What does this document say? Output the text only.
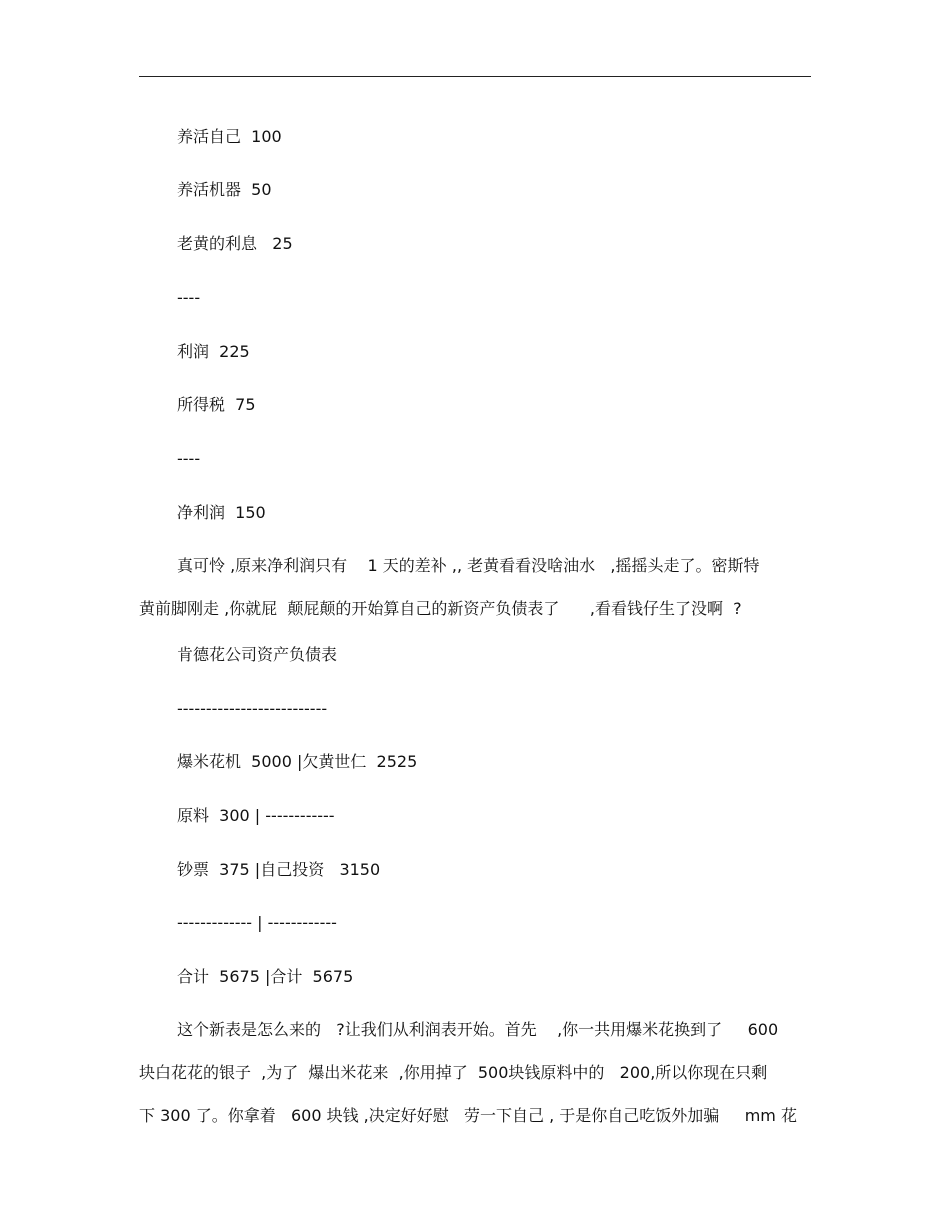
养活自己  100
养活机器  50
老黄的利息   25
----
利润  225
所得税  75
----
净利润  150
真可怜 ,原来净利润只有    1 天的差补 ,, 老黄看看没啥油水   ,摇摇头走了。密斯特
黄前脚刚走 ,你就屁  颠屁颠的开始算自己的新资产负债表了      ,看看钱仔生了没啊  ?
肯德花公司资产负债表
--------------------------
爆米花机  5000 |欠黄世仁  2525
原料  300 | ------------
钞票  375 |自己投资   3150
------------- | ------------
合计  5675 |合计  5675
这个新表是怎么来的   ?让我们从利润表开始。首先    ,你一共用爆米花换到了     600
块白花花的银子  ,为了  爆出米花来  ,你用掉了  500块钱原料中的   200,所以你现在只剩
下 300 了。你拿着   600 块钱 ,决定好好慰   劳一下自己 , 于是你自己吃饭外加骗     mm 花
